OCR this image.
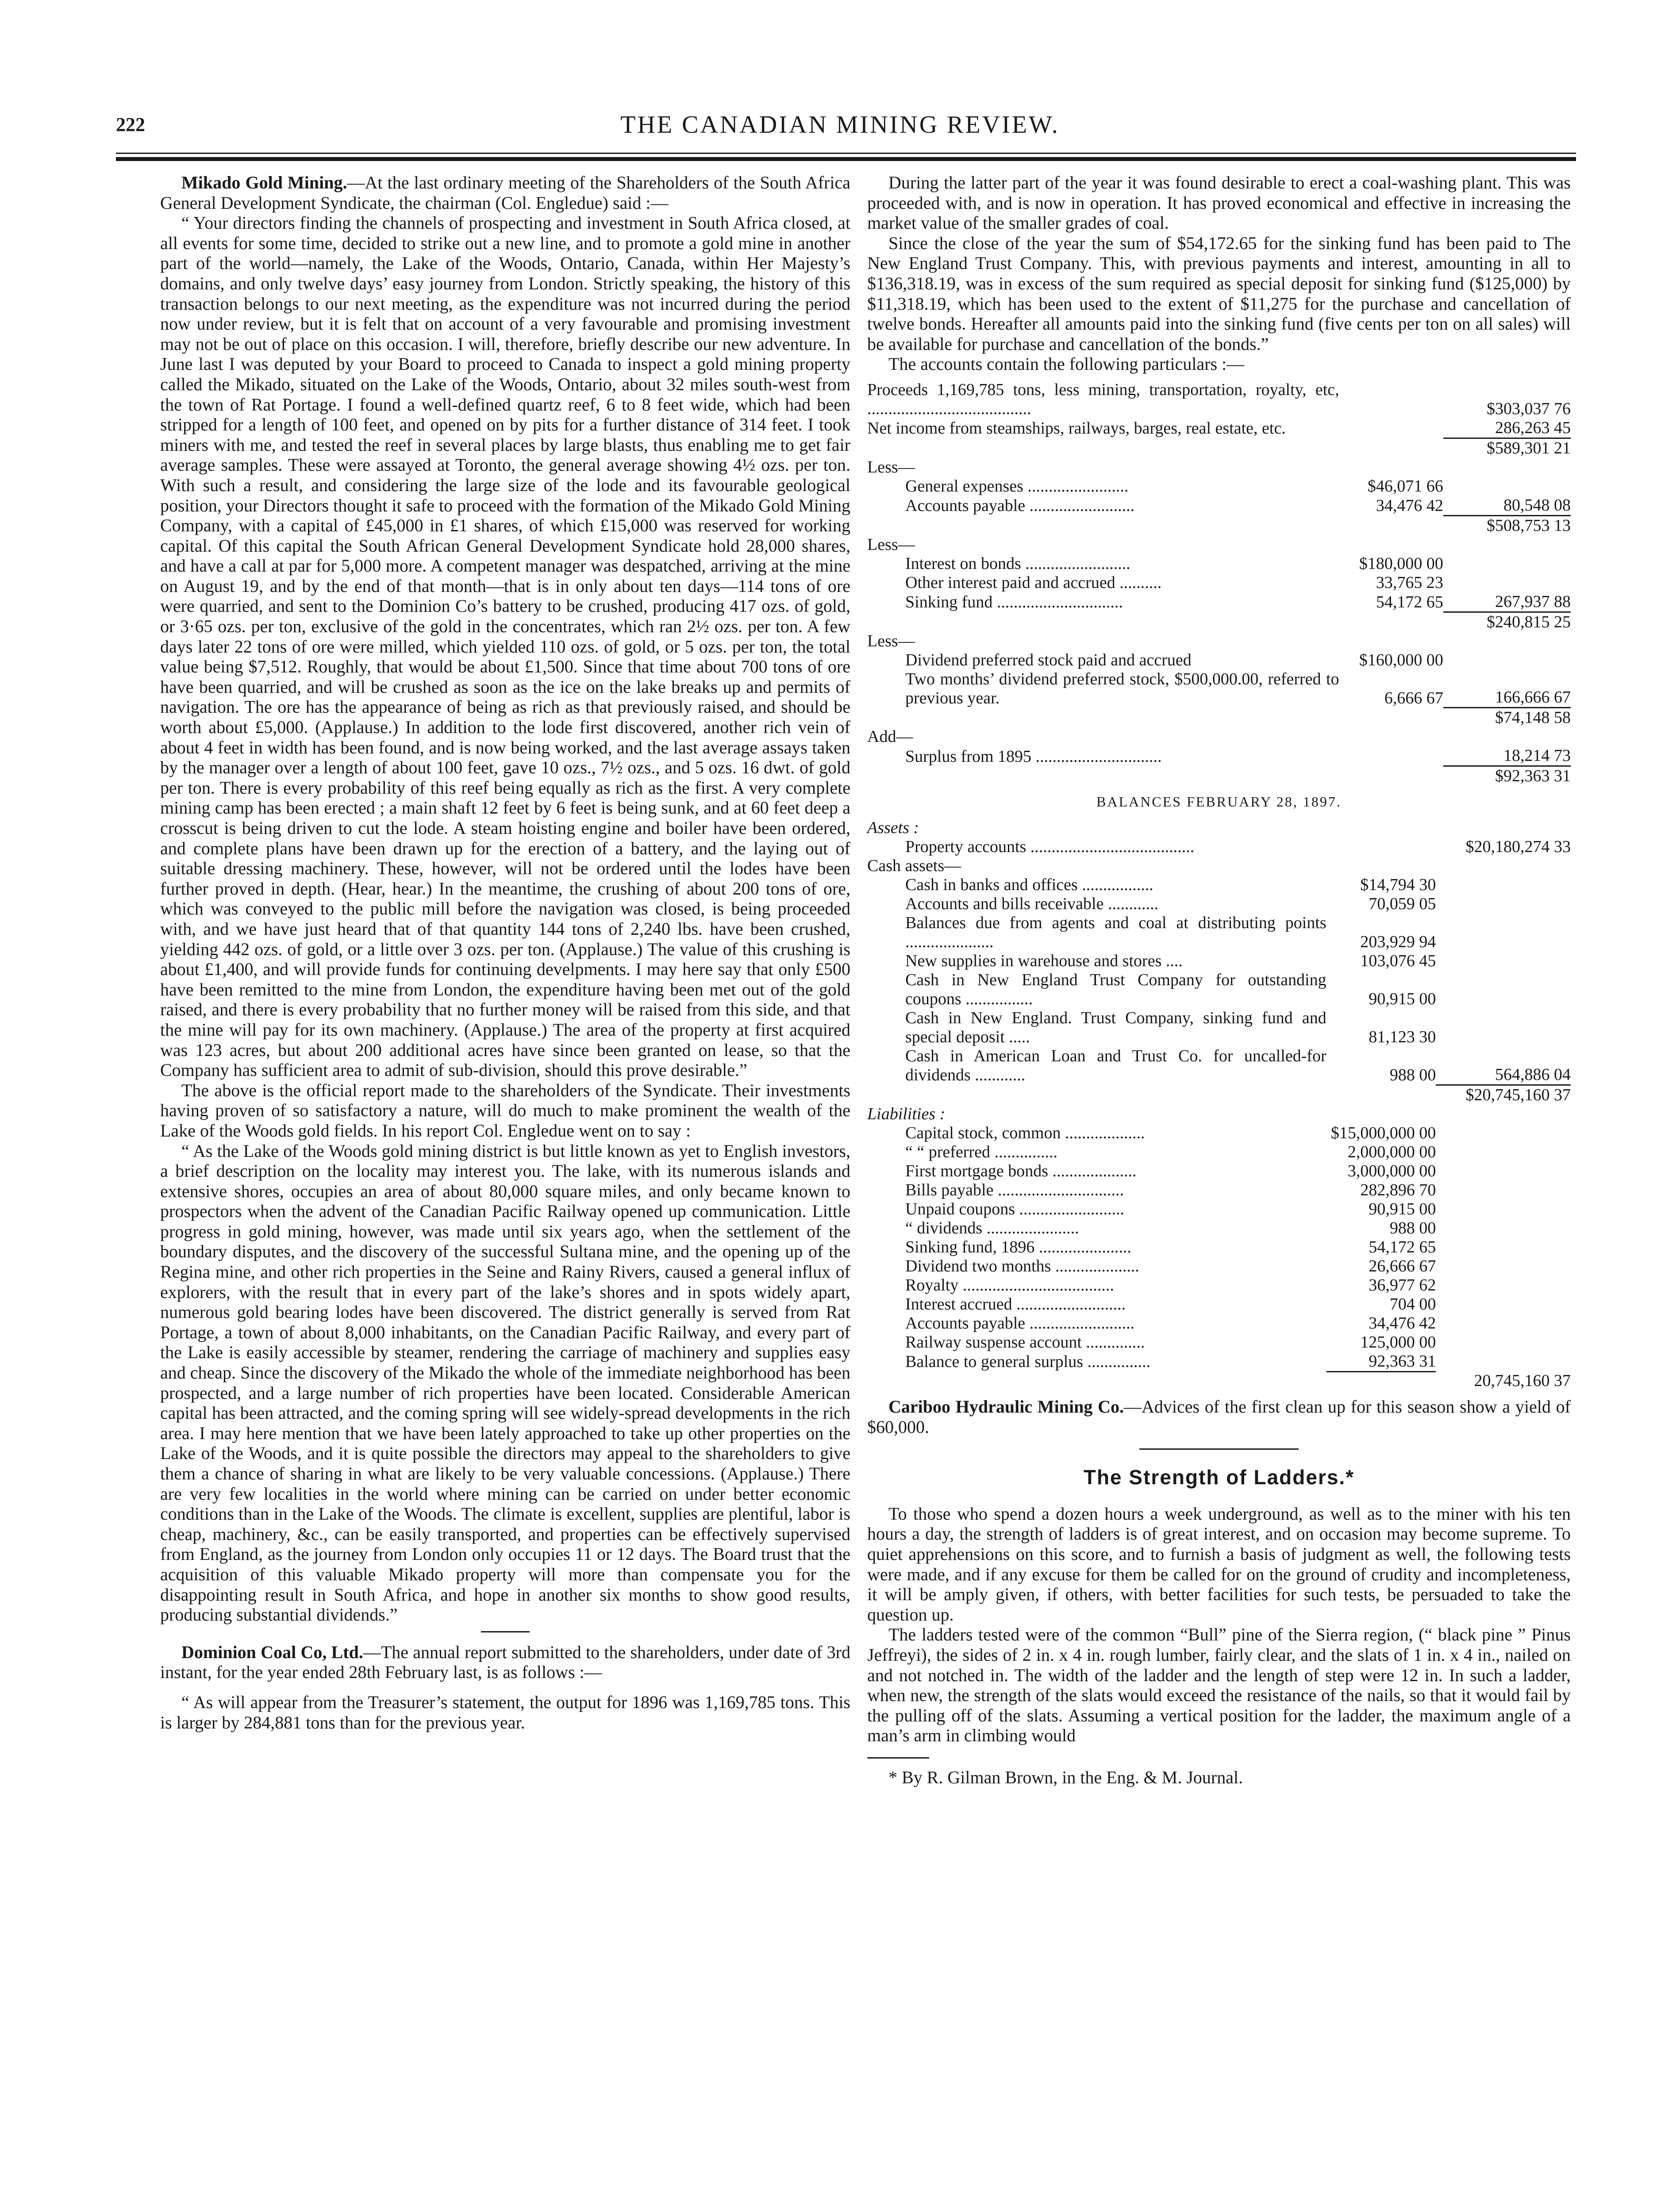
222	THE CANADIAN MINING REVIEW.

Mikado Gold Mining.—At the last ordinary meeting of the Shareholders of the South Africa General Development Syndicate, the chairman (Col. Engledue) said :—

“ Your directors finding the channels of prospecting and investment in South Africa closed, at all events for some time, decided to strike out a new line, and to promote a gold mine in another part of the world—namely, the Lake of the Woods, Ontario, Canada, within Her Majesty’s domains, and only twelve days’ easy journey from London. Strictly speaking, the history of this transaction belongs to our next meeting, as the expenditure was not incurred during the period now under review, but it is felt that on account of a very favourable and promising investment may not be out of place on this occasion. I will, therefore, briefly describe our new adventure. In June last I was deputed by your Board to proceed to Canada to inspect a gold mining property called the Mikado, situated on the Lake of the Woods, Ontario, about 32 miles south-west from the town of Rat Portage. I found a well-defined quartz reef, 6 to 8 feet wide, which had been stripped for a length of 100 feet, and opened on by pits for a further distance of 314 feet. I took miners with me, and tested the reef in several places by large blasts, thus enabling me to get fair average samples. These were assayed at Toronto, the general average showing 4½ ozs. per ton. With such a result, and considering the large size of the lode and its favourable geological position, your Directors thought it safe to proceed with the formation of the Mikado Gold Mining Company, with a capital of £45,000 in £1 shares, of which £15,000 was reserved for working capital. Of this capital the South African General Development Syndicate hold 28,000 shares, and have a call at par for 5,000 more. A competent manager was despatched, arriving at the mine on August 19, and by the end of that month—that is in only about ten days—114 tons of ore were quarried, and sent to the Dominion Co’s battery to be crushed, producing 417 ozs. of gold, or 3·65 ozs. per ton, exclusive of the gold in the concentrates, which ran 2½ ozs. per ton. A few days later 22 tons of ore were milled, which yielded 110 ozs. of gold, or 5 ozs. per ton, the total value being $7,512. Roughly, that would be about £1,500. Since that time about 700 tons of ore have been quarried, and will be crushed as soon as the ice on the lake breaks up and permits of navigation. The ore has the appearance of being as rich as that previously raised, and should be worth about £5,000. (Applause.) In addition to the lode first discovered, another rich vein of about 4 feet in width has been found, and is now being worked, and the last average assays taken by the manager over a length of about 100 feet, gave 10 ozs., 7½ ozs., and 5 ozs. 16 dwt. of gold per ton. There is every probability of this reef being equally as rich as the first. A very complete mining camp has been erected ; a main shaft 12 feet by 6 feet is being sunk, and at 60 feet deep a crosscut is being driven to cut the lode. A steam hoisting engine and boiler have been ordered, and complete plans have been drawn up for the erection of a battery, and the laying out of suitable dressing machinery. These, however, will not be ordered until the lodes have been further proved in depth. (Hear, hear.) In the meantime, the crushing of about 200 tons of ore, which was conveyed to the public mill before the navigation was closed, is being proceeded with, and we have just heard that of that quantity 144 tons of 2,240 lbs. have been crushed, yielding 442 ozs. of gold, or a little over 3 ozs. per ton. (Applause.) The value of this crushing is about £1,400, and will provide funds for continuing develpments. I may here say that only £500 have been remitted to the mine from London, the expenditure having been met out of the gold raised, and there is every probability that no further money will be raised from this side, and that the mine will pay for its own machinery. (Applause.) The area of the property at first acquired was 123 acres, but about 200 additional acres have since been granted on lease, so that the Company has sufficient area to admit of sub-division, should this prove desirable.”

The above is the official report made to the shareholders of the Syndicate. Their investments having proven of so satisfactory a nature, will do much to make prominent the wealth of the Lake of the Woods gold fields. In his report Col. Engledue went on to say :

“ As the Lake of the Woods gold mining district is but little known as yet to English investors, a brief description on the locality may interest you. The lake, with its numerous islands and extensive shores, occupies an area of about 80,000 square miles, and only became known to prospectors when the advent of the Canadian Pacific Railway opened up communication. Little progress in gold mining, however, was made until six years ago, when the settlement of the boundary disputes, and the discovery of the successful Sultana mine, and the opening up of the Regina mine, and other rich properties in the Seine and Rainy Rivers, caused a general influx of explorers, with the result that in every part of the lake’s shores and in spots widely apart, numerous gold bearing lodes have been discovered. The district generally is served from Rat Portage, a town of about 8,000 inhabitants, on the Canadian Pacific Railway, and every part of the Lake is easily accessible by steamer, rendering the carriage of machinery and supplies easy and cheap. Since the discovery of the Mikado the whole of the immediate neighborhood has been prospected, and a large number of rich properties have been located. Considerable American capital has been attracted, and the coming spring will see widely-spread developments in the rich area. I may here mention that we have been lately approached to take up other properties on the Lake of the Woods, and it is quite possible the directors may appeal to the shareholders to give them a chance of sharing in what are likely to be very valuable concessions. (Applause.) There are very few localities in the world where mining can be carried on under better economic conditions than in the Lake of the Woods. The climate is excellent, supplies are plentiful, labor is cheap, machinery, &c., can be easily transported, and properties can be effectively supervised from England, as the journey from London only occupies 11 or 12 days. The Board trust that the acquisition of this valuable Mikado property will more than compensate you for the disappointing result in South Africa, and hope in another six months to show good results, producing substantial dividends.”

Dominion Coal Co, Ltd.—The annual report submitted to the shareholders, under date of 3rd instant, for the year ended 28th February last, is as follows :—

“ As will appear from the Treasurer’s statement, the output for 1896 was 1,169,785 tons. This is larger by 284,881 tons than for the previous year.

During the latter part of the year it was found desirable to erect a coal-washing plant. This was proceeded with, and is now in operation. It has proved economical and effective in increasing the market value of the smaller grades of coal.

Since the close of the year the sum of $54,172.65 for the sinking fund has been paid to The New England Trust Company. This, with previous payments and interest, amounting in all to $136,318.19, was in excess of the sum required as special deposit for sinking fund ($125,000) by $11,318.19, which has been used to the extent of $11,275 for the purchase and cancellation of twelve bonds. Hereafter all amounts paid into the sinking fund (five cents per ton on all sales) will be available for purchase and cancellation of the bonds.”

The accounts contain the following particulars :—

Proceeds 1,169,785 tons, less mining, transportation, royalty, etc, .......................................		$303,037 76
Net income from steamships, railways, barges, real estate, etc.		286,263 45
		$589,301 21
Less—		
General expenses ........................	$46,071 66	
Accounts payable .........................	34,476 42	80,548 08
		$508,753 13
Less—		
Interest on bonds .........................	$180,000 00	
Other interest paid and accrued ..........	33,765 23	
Sinking fund ..............................	54,172 65	267,937 88
		$240,815 25
Less—		
Dividend preferred stock paid and accrued	$160,000 00	
Two months’ dividend preferred stock, $500,000.00, referred to previous year.	6,666 67	166,666 67
		$74,148 58
Add—		
Surplus from 1895 ..............................		18,214 73
		$92,363 31
BALANCES FEBRUARY 28, 1897.
Assets :		
Property accounts .......................................		$20,180,274 33
Cash assets—		
Cash in banks and offices .................	$14,794 30	
Accounts and bills receivable ............	70,059 05	
Balances due from agents and coal at distributing points .....................	203,929 94	
New supplies in warehouse and stores ....	103,076 45	
Cash in New England Trust Company for outstanding coupons ................	90,915 00	
Cash in New England. Trust Company, sinking fund and special deposit .....	81,123 30	
Cash in American Loan and Trust Co. for uncalled-for dividends ............	988 00	564,886 04
		$20,745,160 37
Liabilities :		
Capital stock, common ...................	$15,000,000 00	
“ “ preferred ...............	2,000,000 00	
First mortgage bonds ....................	3,000,000 00	
Bills payable ..............................	282,896 70	
Unpaid coupons .........................	90,915 00	
“ dividends ......................	988 00	
Sinking fund, 1896 ......................	54,172 65	
Dividend two months ....................	26,666 67	
Royalty ....................................	36,977 62	
Interest accrued ..........................	704 00	
Accounts payable .........................	34,476 42	
Railway suspense account ..............	125,000 00	
Balance to general surplus ...............	92,363 31	
		20,745,160 37

Cariboo Hydraulic Mining Co.—Advices of the first clean up for this season show a yield of $60,000.

The Strength of Ladders.*

To those who spend a dozen hours a week underground, as well as to the miner with his ten hours a day, the strength of ladders is of great interest, and on occasion may become supreme. To quiet apprehensions on this score, and to furnish a basis of judgment as well, the following tests were made, and if any excuse for them be called for on the ground of crudity and incompleteness, it will be amply given, if others, with better facilities for such tests, be persuaded to take the question up.

The ladders tested were of the common “Bull” pine of the Sierra region, (“ black pine ” Pinus Jeffreyi), the sides of 2 in. x 4 in. rough lumber, fairly clear, and the slats of 1 in. x 4 in., nailed on and not notched in. The width of the ladder and the length of step were 12 in. In such a ladder, when new, the strength of the slats would exceed the resistance of the nails, so that it would fail by the pulling off of the slats. Assuming a vertical position for the ladder, the maximum angle of a man’s arm in climbing would

* By R. Gilman Brown, in the Eng. & M. Journal.
